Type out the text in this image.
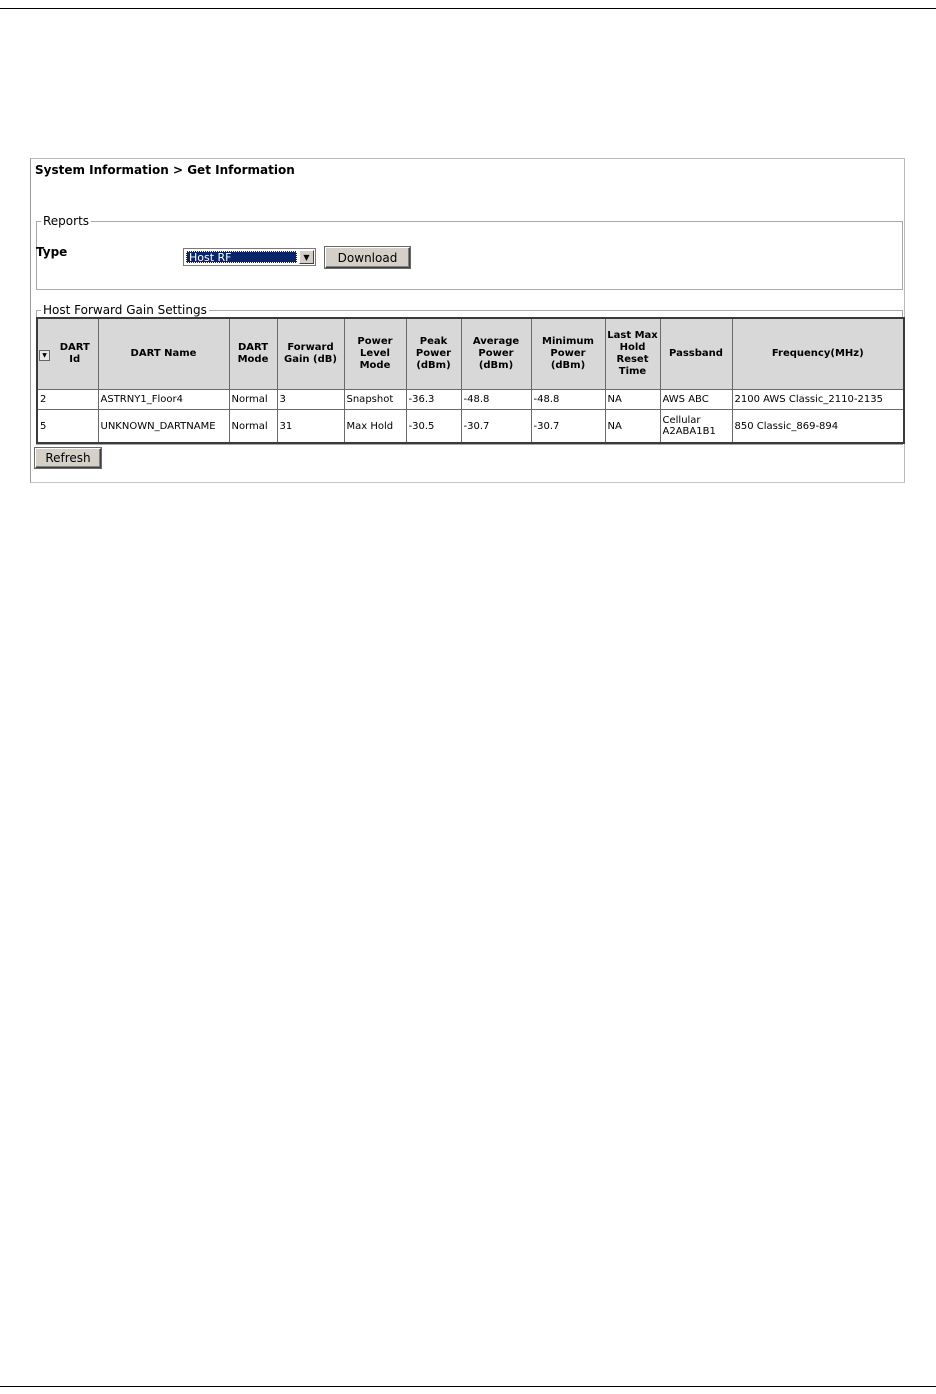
System Information > Get Information
Reports
Type	Host RF	▼	Download
Host Forward Gain Settings
▼
DART Id	DART Name	DART Mode	Forward Gain (dB)	Power Level Mode	Peak Power (dBm)	Average Power (dBm)	Minimum Power (dBm)	Last Max Hold Reset Time	Passband	Frequency(MHz)
2	ASTRNY1_Floor4	Normal	3	Snapshot	-36.3	-48.8	-48.8	NA	AWS ABC	2100 AWS Classic_2110-2135
5	UNKNOWN_DARTNAME	Normal	31	Max Hold	-30.5	-30.7	-30.7	NA	Cellular A2ABA1B1	850 Classic_869-894
Refresh
